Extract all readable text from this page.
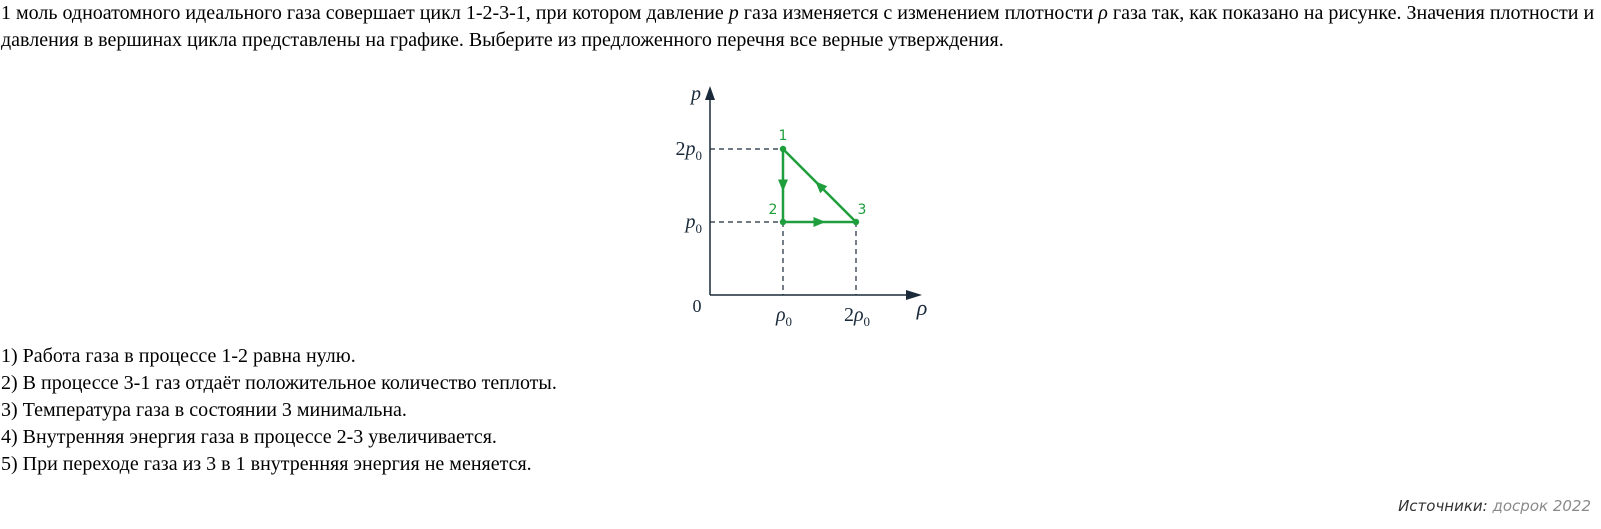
1 моль одноатомного идеального газа совершает цикл 1-2-3-1, при котором давление p газа изменяется с изменением плотности ρ газа так, как показано на рисунке. Значения плотности и давления в вершинах цикла представлены на графике. Выберите из предложенного перечня все верные утверждения.
p
ρ
0
$2p_0$
$p_0$
$\rho_0$	$2\rho_0$
1
2	3
1) Работа газа в процессе 1-2 равна нулю.
2) В процессе 3-1 газ отдаёт положительное количество теплоты.
3) Температура газа в состоянии 3 минимальна.
4) Внутренняя энергия газа в процессе 2-3 увеличивается.
5) При переходе газа из 3 в 1 внутренняя энергия не меняется.
Источники: досрок 2022
